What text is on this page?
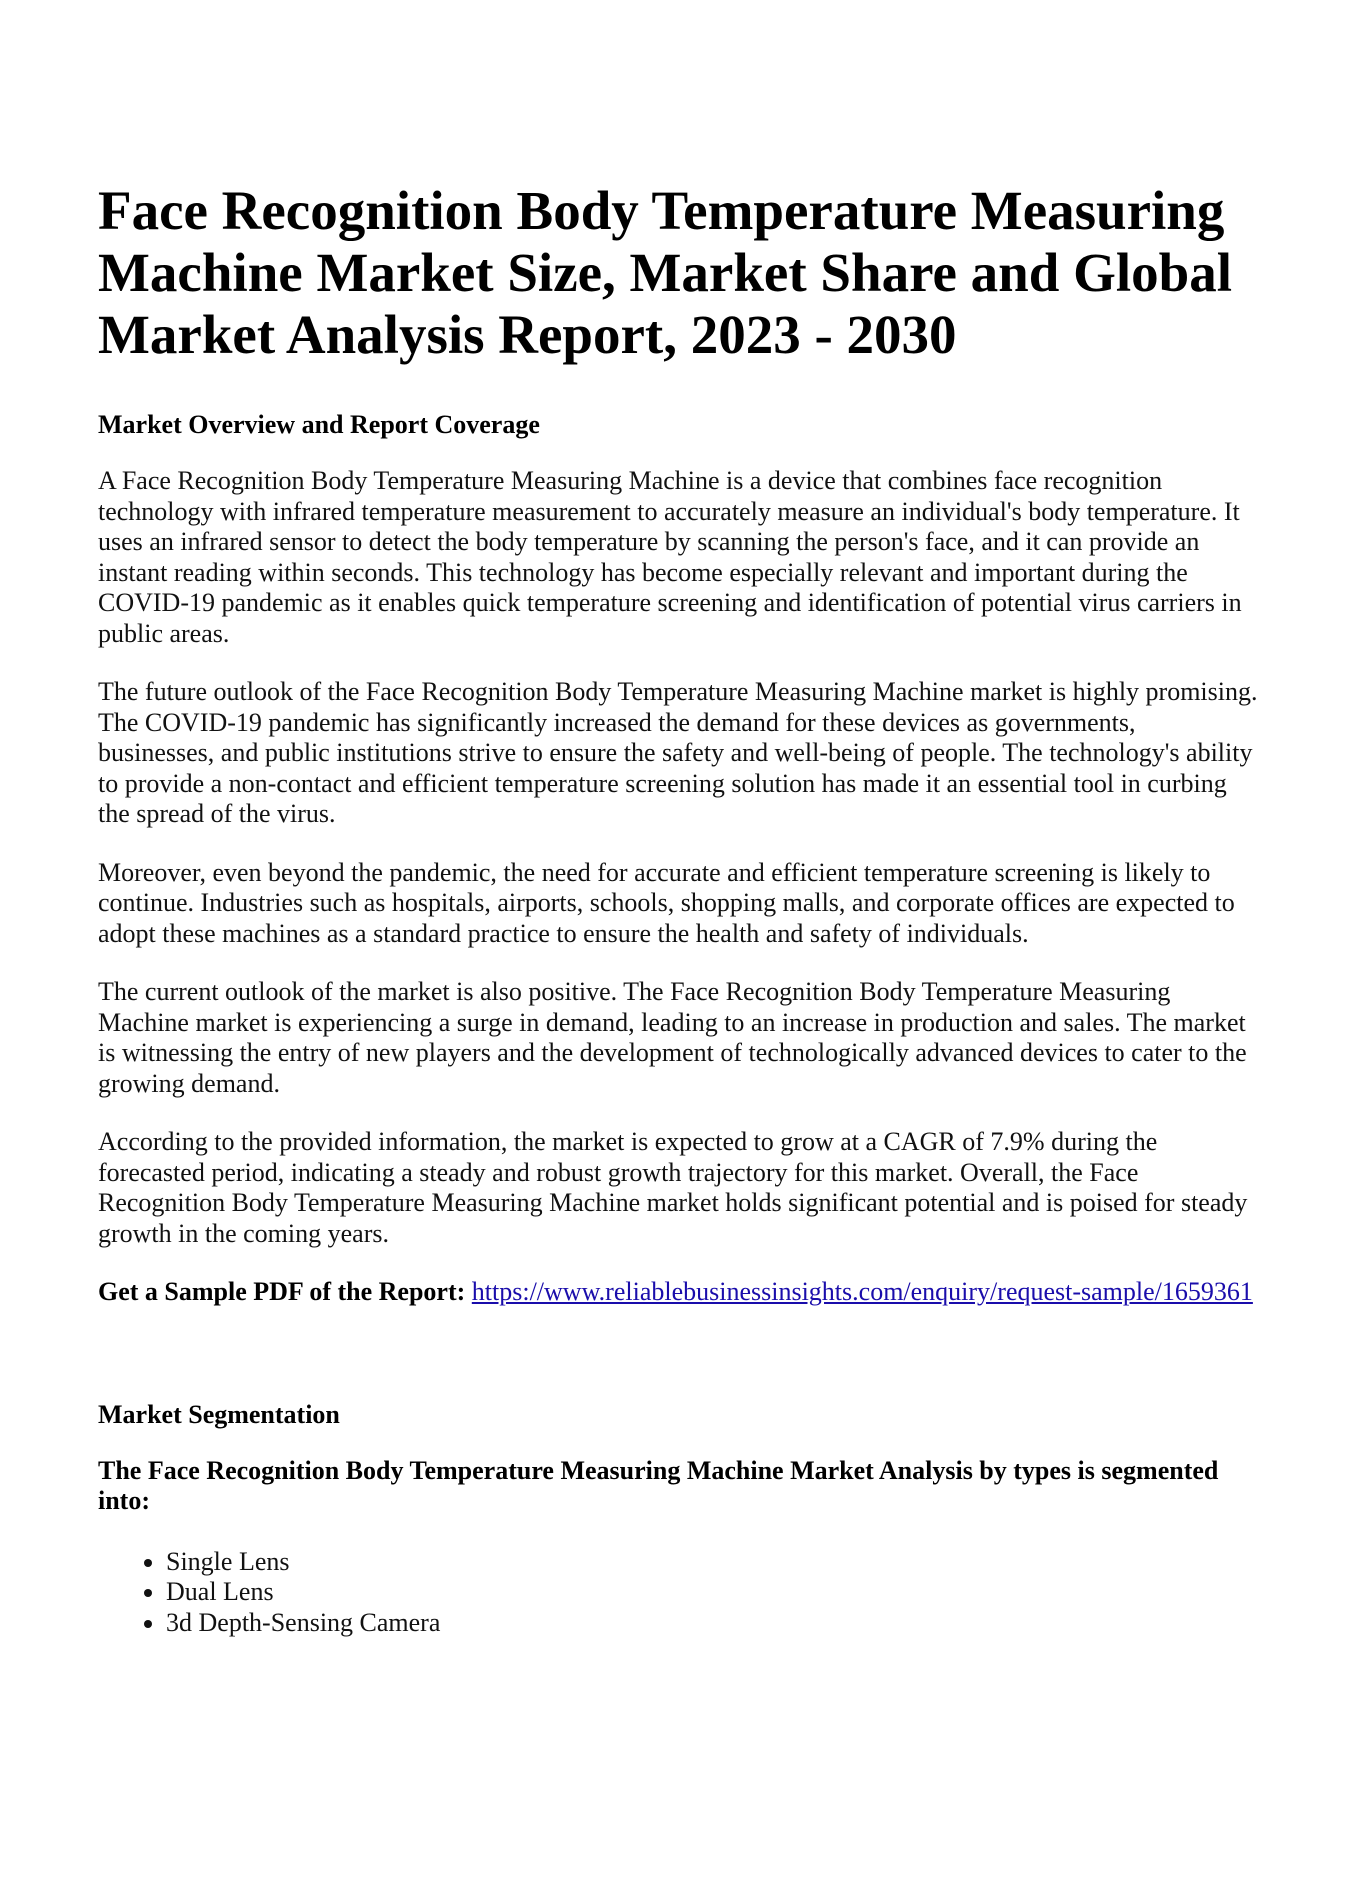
Face Recognition Body Temperature Measuring Machine Market Size, Market Share and Global Market Analysis Report, 2023 - 2030
Market Overview and Report Coverage

A Face Recognition Body Temperature Measuring Machine is a device that combines face recognition technology with infrared temperature measurement to accurately measure an individual's body temperature. It uses an infrared sensor to detect the body temperature by scanning the person's face, and it can provide an instant reading within seconds. This technology has become especially relevant and important during the COVID-19 pandemic as it enables quick temperature screening and identification of potential virus carriers in public areas.

The future outlook of the Face Recognition Body Temperature Measuring Machine market is highly promising. The COVID-19 pandemic has significantly increased the demand for these devices as governments, businesses, and public institutions strive to ensure the safety and well-being of people. The technology's ability to provide a non-contact and efficient temperature screening solution has made it an essential tool in curbing the spread of the virus.

Moreover, even beyond the pandemic, the need for accurate and efficient temperature screening is likely to continue. Industries such as hospitals, airports, schools, shopping malls, and corporate offices are expected to adopt these machines as a standard practice to ensure the health and safety of individuals.

The current outlook of the market is also positive. The Face Recognition Body Temperature Measuring Machine market is experiencing a surge in demand, leading to an increase in production and sales. The market is witnessing the entry of new players and the development of technologically advanced devices to cater to the growing demand.

According to the provided information, the market is expected to grow at a CAGR of 7.9% during the forecasted period, indicating a steady and robust growth trajectory for this market. Overall, the Face Recognition Body Temperature Measuring Machine market holds significant potential and is poised for steady growth in the coming years.

Get a Sample PDF of the Report: https://www.reliablebusinessinsights.com/enquiry/request-sample/1659361

Market Segmentation
The Face Recognition Body Temperature Measuring Machine Market Analysis by types is segmented into:
• Single Lens
• Dual Lens
• 3d Depth-Sensing Camera
